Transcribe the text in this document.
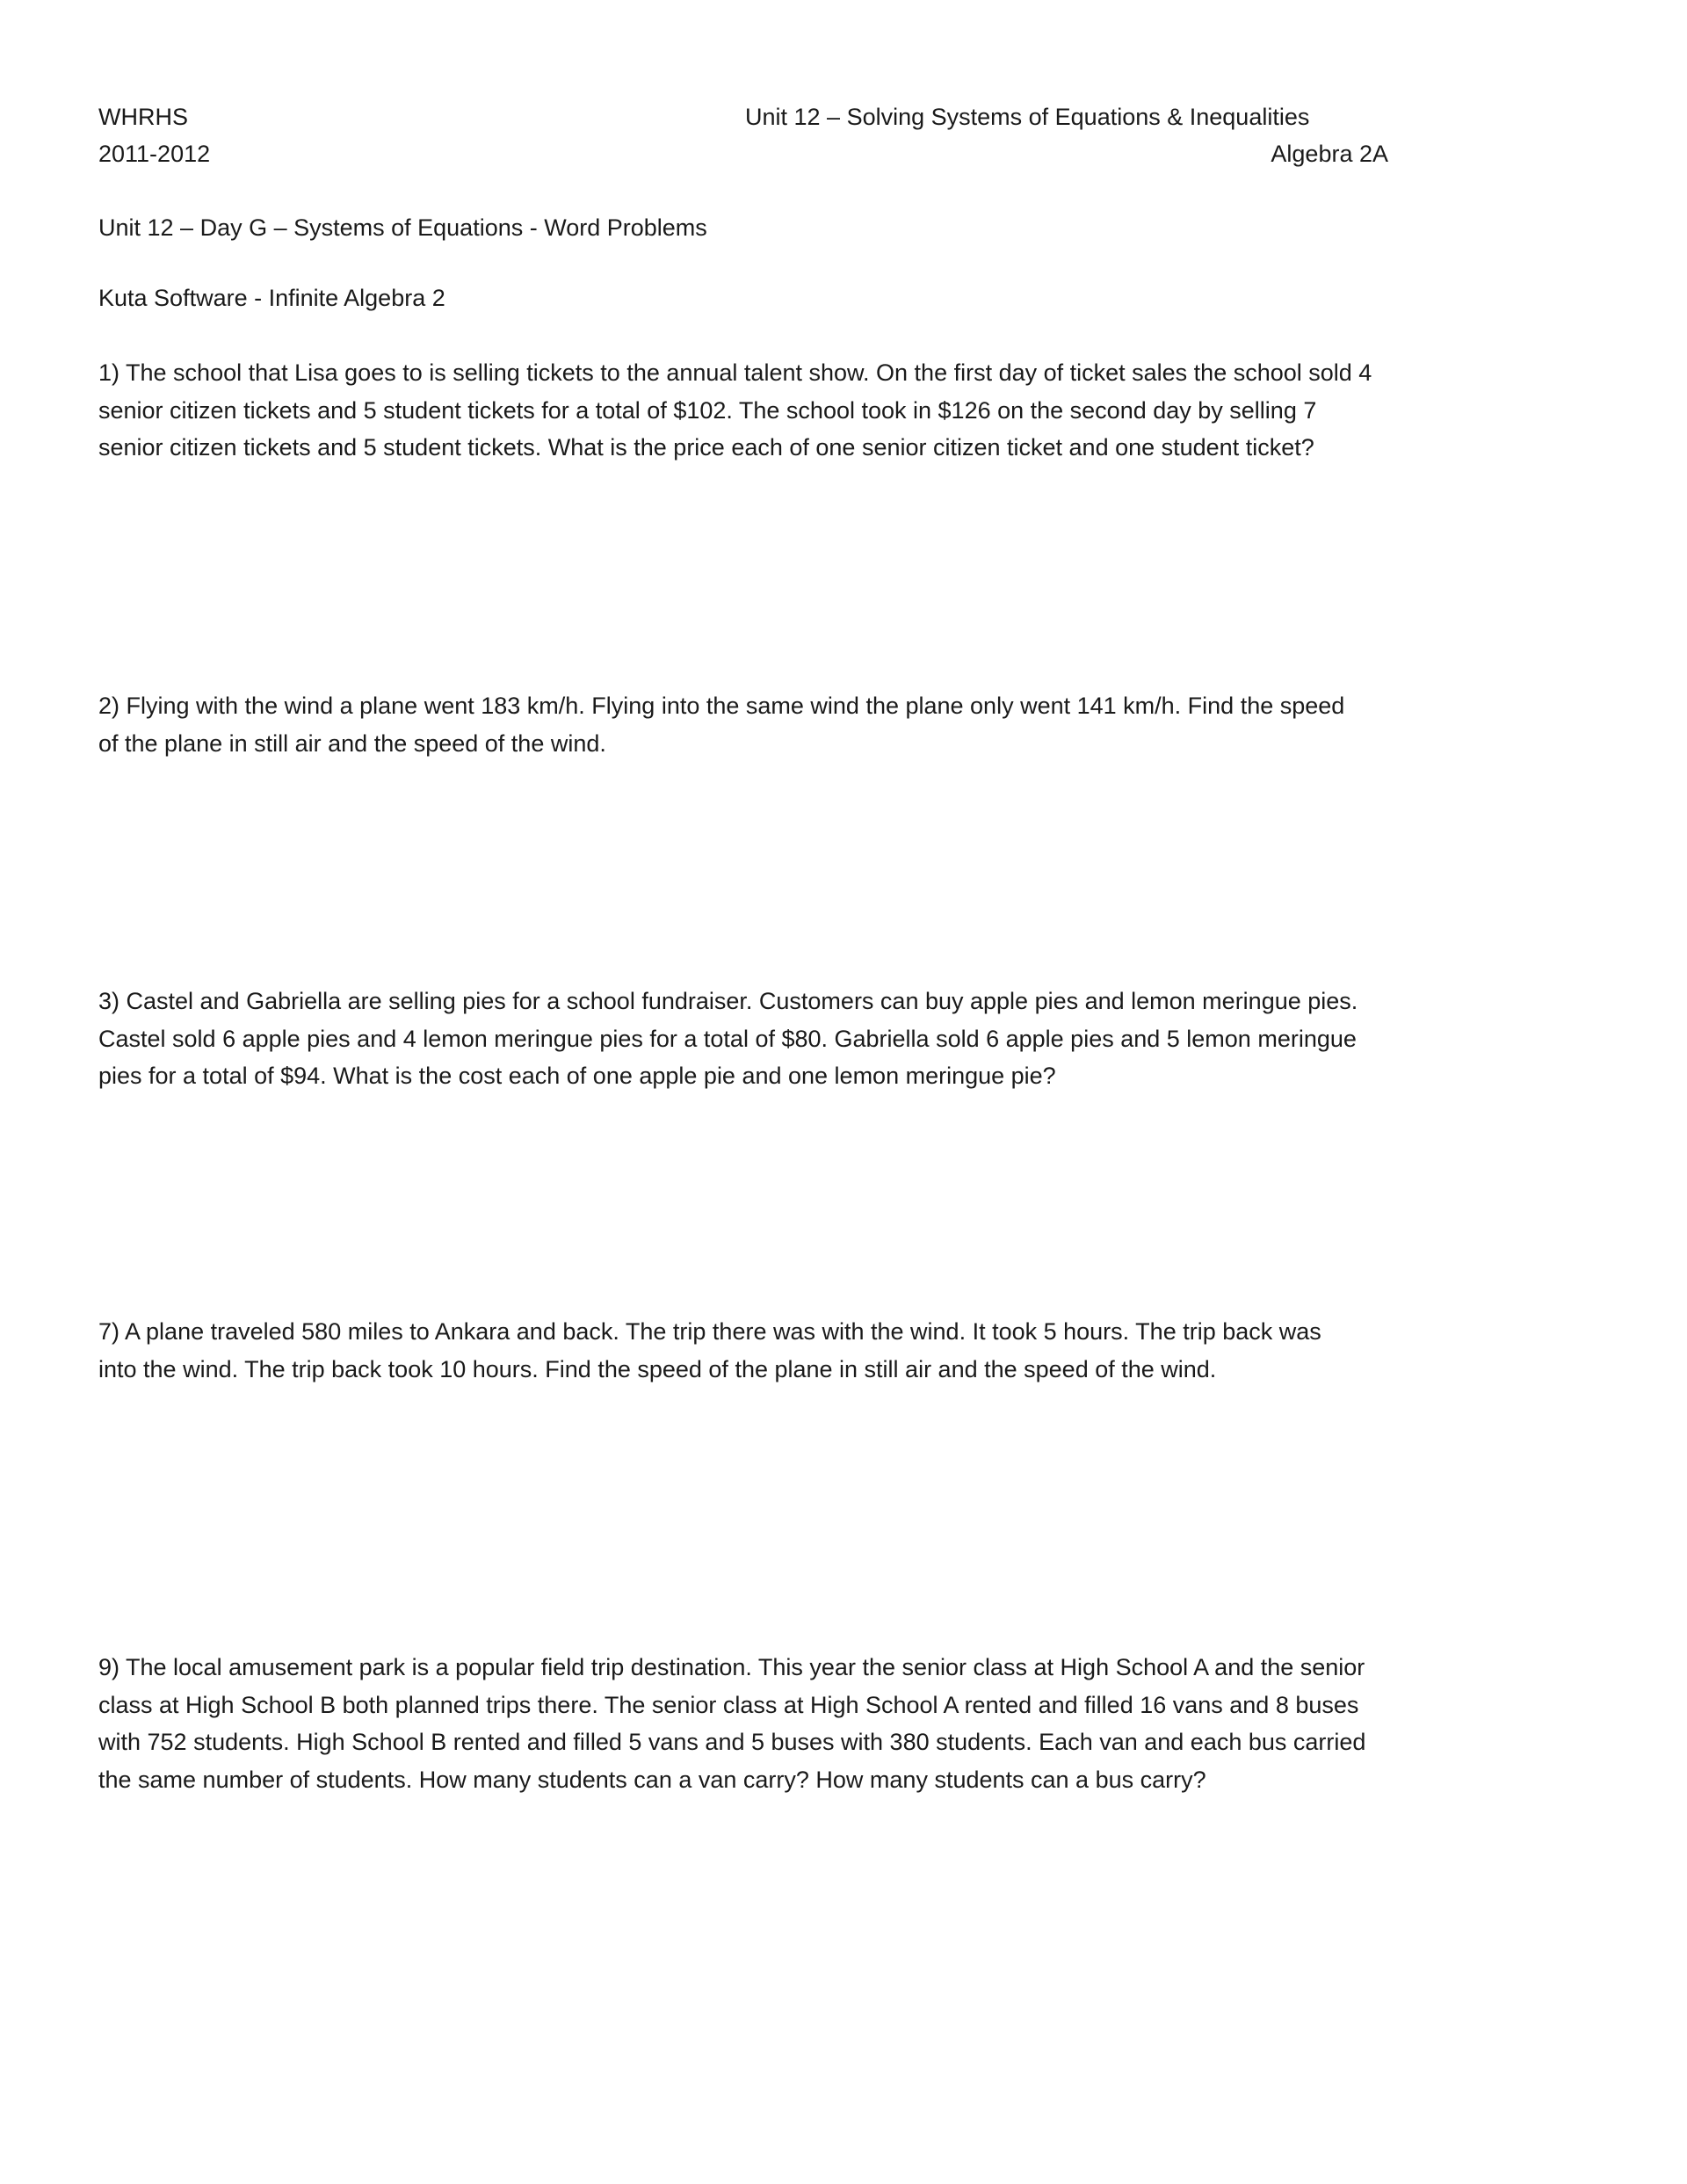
WHRHS
2011-2012
Unit 12 – Solving Systems of Equations & Inequalities
Algebra 2A
Unit 12 – Day G – Systems of Equations - Word Problems
Kuta Software - Infinite Algebra 2
1) The school that Lisa goes to is selling tickets to the annual talent show. On the first day of ticket sales the school sold 4
senior citizen tickets and 5 student tickets for a total of $102. The school took in $126 on the second day by selling 7
senior citizen tickets and 5 student tickets. What is the price each of one senior citizen ticket and one student ticket?
2) Flying with the wind a plane went 183 km/h. Flying into the same wind the plane only went 141 km/h. Find the speed
of the plane in still air and the speed of the wind.
3) Castel and Gabriella are selling pies for a school fundraiser. Customers can buy apple pies and lemon meringue pies.
Castel sold 6 apple pies and 4 lemon meringue pies for a total of $80. Gabriella sold 6 apple pies and 5 lemon meringue
pies for a total of $94. What is the cost each of one apple pie and one lemon meringue pie?
7) A plane traveled 580 miles to Ankara and back. The trip there was with the wind. It took 5 hours. The trip back was
into the wind. The trip back took 10 hours. Find the speed of the plane in still air and the speed of the wind.
9) The local amusement park is a popular field trip destination. This year the senior class at High School A and the senior
class at High School B both planned trips there. The senior class at High School A rented and filled 16 vans and 8 buses
with 752 students. High School B rented and filled 5 vans and 5 buses with 380 students. Each van and each bus carried
the same number of students. How many students can a van carry? How many students can a bus carry?
